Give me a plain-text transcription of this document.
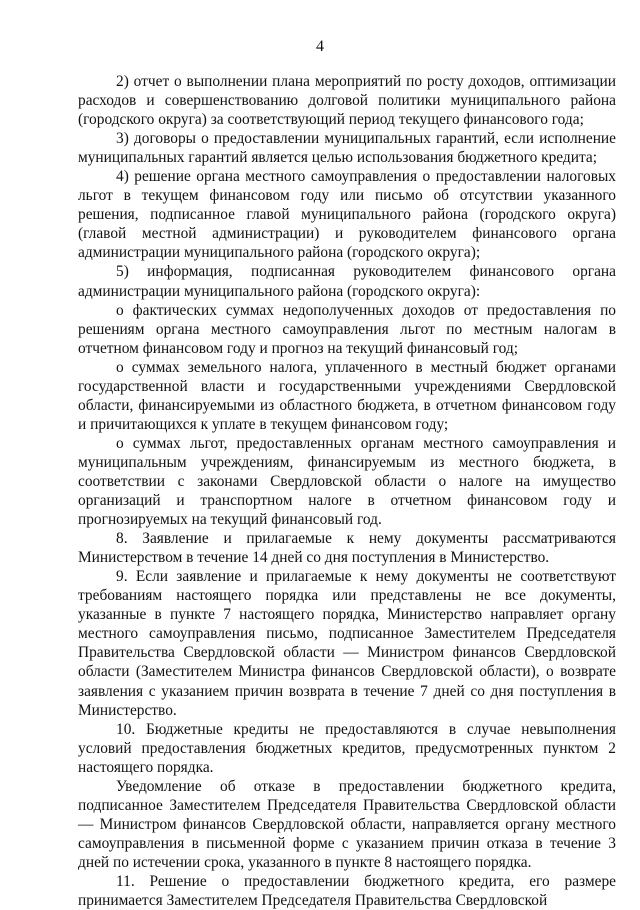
4

2) отчет о выполнении плана мероприятий по росту доходов, оптимизации расходов и совершенствованию долговой политики муниципального района (городского округа) за соответствующий период текущего финансового года;

3) договоры о предоставлении муниципальных гарантий, если исполнение муниципальных гарантий является целью использования бюджетного кредита;

4) решение органа местного самоуправления о предоставлении налоговых льгот в текущем финансовом году или письмо об отсутствии указанного решения, подписанное главой муниципального района (городского округа) (главой местной администрации) и руководителем финансового органа администрации муниципального района (городского округа);

5) информация, подписанная руководителем финансового органа администрации муниципального района (городского округа):

о фактических суммах недополученных доходов от предоставления по решениям органа местного самоуправления льгот по местным налогам в отчетном финансовом году и прогноз на текущий финансовый год;

о суммах земельного налога, уплаченного в местный бюджет органами государственной власти и государственными учреждениями Свердловской области, финансируемыми из областного бюджета, в отчетном финансовом году и причитающихся к уплате в текущем финансовом году;

о суммах льгот, предоставленных органам местного самоуправления и муниципальным учреждениям, финансируемым из местного бюджета, в соответствии с законами Свердловской области о налоге на имущество организаций и транспортном налоге в отчетном финансовом году и прогнозируемых на текущий финансовый год.

8. Заявление и прилагаемые к нему документы рассматриваются Министерством в течение 14 дней со дня поступления в Министерство.

9. Если заявление и прилагаемые к нему документы не соответствуют требованиям настоящего порядка или представлены не все документы, указанные в пункте 7 настоящего порядка, Министерство направляет органу местного самоуправления письмо, подписанное Заместителем Председателя Правительства Свердловской области — Министром финансов Свердловской области (Заместителем Министра финансов Свердловской области), о возврате заявления с указанием причин возврата в течение 7 дней со дня поступления в Министерство.

10. Бюджетные кредиты не предоставляются в случае невыполнения условий предоставления бюджетных кредитов, предусмотренных пунктом 2 настоящего порядка.

Уведомление об отказе в предоставлении бюджетного кредита, подписанное Заместителем Председателя Правительства Свердловской области — Министром финансов Свердловской области, направляется органу местного самоуправления в письменной форме с указанием причин отказа в течение 3 дней по истечении срока, указанного в пункте 8 настоящего порядка.

11. Решение о предоставлении бюджетного кредита, его размере принимается Заместителем Председателя Правительства Свердловской
